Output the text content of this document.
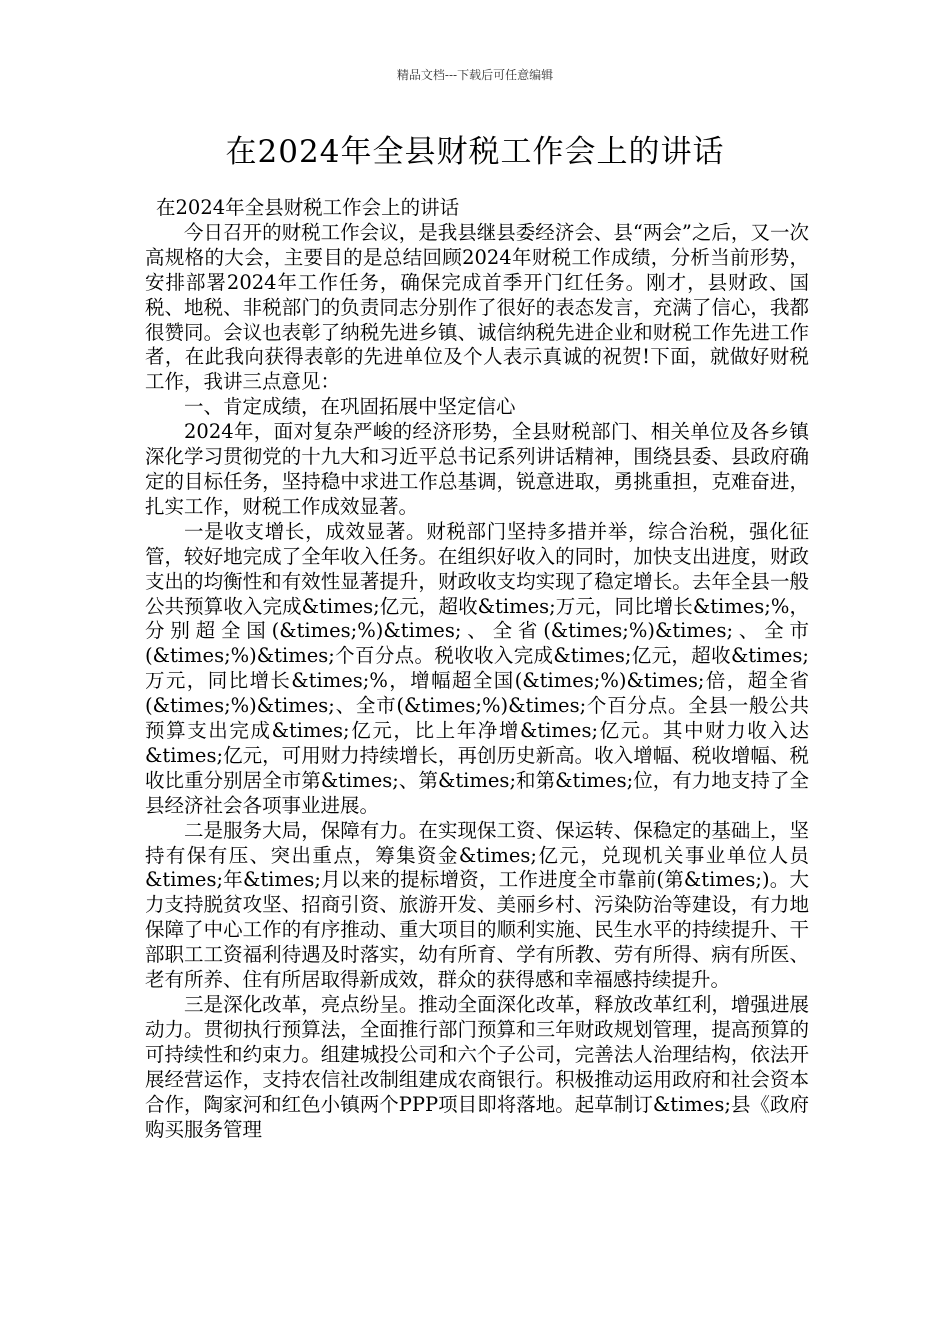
精品文档---下载后可任意编辑
在2024年全县财税工作会上的讲话

在2024年全县财税工作会上的讲话

今日召开的财税工作会议，是我县继县委经济会、县“两会”之后，又一次高规格的大会，主要目的是总结回顾2024年财税工作成绩，分析当前形势，安排部署2024年工作任务，确保完成首季开门红任务。刚才，县财政、国税、地税、非税部门的负责同志分别作了很好的表态发言，充满了信心，我都很赞同。会议也表彰了纳税先进乡镇、诚信纳税先进企业和财税工作先进工作者，在此我向获得表彰的先进单位及个人表示真诚的祝贺!下面，就做好财税工作，我讲三点意见：

一、肯定成绩，在巩固拓展中坚定信心

2024年，面对复杂严峻的经济形势，全县财税部门、相关单位及各乡镇深化学习贯彻党的十九大和习近平总书记系列讲话精神，围绕县委、县政府确定的目标任务，坚持稳中求进工作总基调，锐意进取，勇挑重担，克难奋进，扎实工作，财税工作成效显著。

一是收支增长，成效显著。财税部门坚持多措并举，综合治税，强化征管，较好地完成了全年收入任务。在组织好收入的同时，加快支出进度，财政支出的均衡性和有效性显著提升，财政收支均实现了稳定增长。去年全县一般公共预算收入完成&times;亿元，超收&times;万元，同比增长&times;%，分别超全国(&times;%)&times;、全省(&times;%)&times;、全市(&times;%)&times;个百分点。税收收入完成&times;亿元，超收&times;万元，同比增长&times;%，增幅超全国(&times;%)&times;倍，超全省(&times;%)&times;、全市(&times;%)&times;个百分点。全县一般公共预算支出完成&times;亿元，比上年净增&times;亿元。其中财力收入达&times;亿元，可用财力持续增长，再创历史新高。收入增幅、税收增幅、税收比重分别居全市第&times;、第&times;和第&times;位，有力地支持了全县经济社会各项事业进展。

二是服务大局，保障有力。在实现保工资、保运转、保稳定的基础上，坚持有保有压、突出重点，筹集资金&times;亿元，兑现机关事业单位人员&times;年&times;月以来的提标增资，工作进度全市靠前(第&times;)。大力支持脱贫攻坚、招商引资、旅游开发、美丽乡村、污染防治等建设，有力地保障了中心工作的有序推动、重大项目的顺利实施、民生水平的持续提升、干部职工工资福利待遇及时落实，幼有所育、学有所教、劳有所得、病有所医、老有所养、住有所居取得新成效，群众的获得感和幸福感持续提升。

三是深化改革，亮点纷呈。推动全面深化改革，释放改革红利，增强进展动力。贯彻执行预算法，全面推行部门预算和三年财政规划管理，提高预算的可持续性和约束力。组建城投公司和六个子公司，完善法人治理结构，依法开展经营运作，支持农信社改制组建成农商银行。积极推动运用政府和社会资本合作，陶家河和红色小镇两个PPP项目即将落地。起草制订&times;县《政府购买服务管理
